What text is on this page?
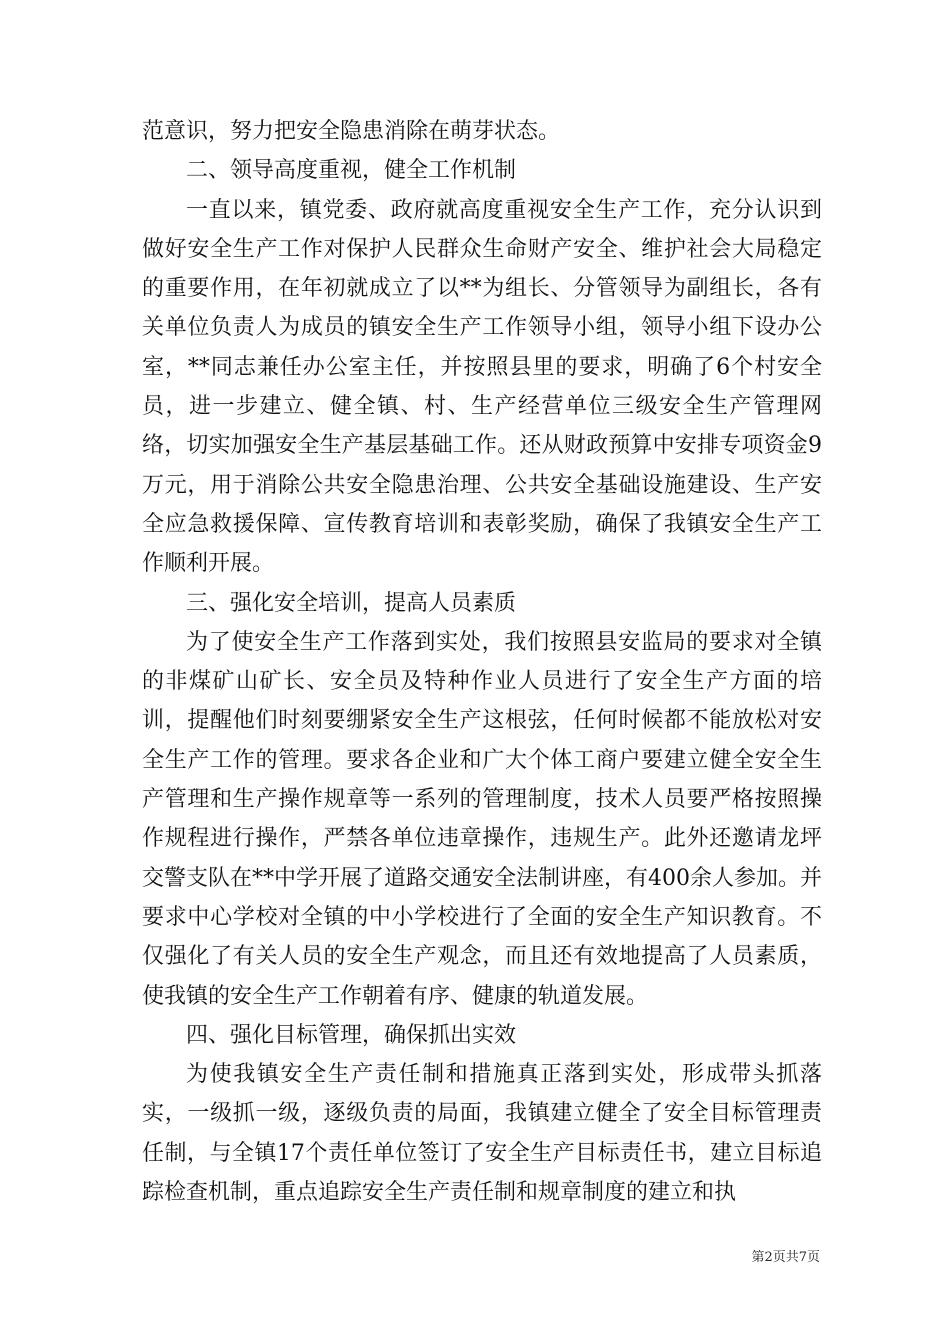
范意识，努力把安全隐患消除在萌芽状态。

二、领导高度重视，健全工作机制

一直以来，镇党委、政府就高度重视安全生产工作，充分认识到做好安全生产工作对保护人民群众生命财产安全、维护社会大局稳定的重要作用，在年初就成立了以**为组长、分管领导为副组长，各有关单位负责人为成员的镇安全生产工作领导小组，领导小组下设办公室，**同志兼任办公室主任，并按照县里的要求，明确了6个村安全员，进一步建立、健全镇、村、生产经营单位三级安全生产管理网络，切实加强安全生产基层基础工作。还从财政预算中安排专项资金9万元，用于消除公共安全隐患治理、公共安全基础设施建设、生产安全应急救援保障、宣传教育培训和表彰奖励，确保了我镇安全生产工作顺利开展。

三、强化安全培训，提高人员素质

为了使安全生产工作落到实处，我们按照县安监局的要求对全镇的非煤矿山矿长、安全员及特种作业人员进行了安全生产方面的培训，提醒他们时刻要绷紧安全生产这根弦，任何时候都不能放松对安全生产工作的管理。要求各企业和广大个体工商户要建立健全安全生产管理和生产操作规章等一系列的管理制度，技术人员要严格按照操作规程进行操作，严禁各单位违章操作，违规生产。此外还邀请龙坪交警支队在**中学开展了道路交通安全法制讲座，有400余人参加。并要求中心学校对全镇的中小学校进行了全面的安全生产知识教育。不仅强化了有关人员的安全生产观念，而且还有效地提高了人员素质，使我镇的安全生产工作朝着有序、健康的轨道发展。

四、强化目标管理，确保抓出实效

为使我镇安全生产责任制和措施真正落到实处，形成带头抓落实，一级抓一级，逐级负责的局面，我镇建立健全了安全目标管理责任制，与全镇17个责任单位签订了安全生产目标责任书，建立目标追踪检查机制，重点追踪安全生产责任制和规章制度的建立和执

第2页共7页
